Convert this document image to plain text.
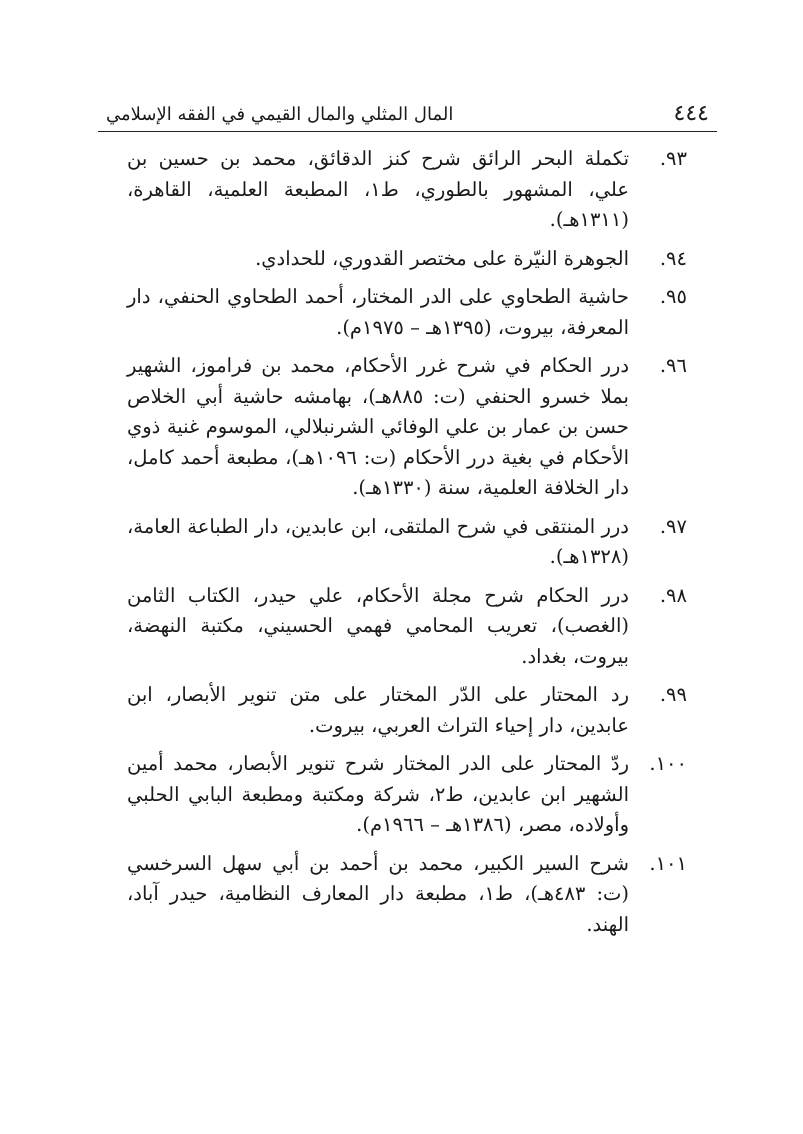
٤٤٤
المال المثلي والمال القيمي في الفقه الإسلامي
٩٣.
تكملة البحر الرائق شرح كنز الدقائق، محمد بن حسين بن علي، المشهور بالطوري، ط١، المطبعة العلمية، القاهرة، (١٣١١هـ).
٩٤.
الجوهرة النيّرة على مختصر القدوري، للحدادي.
٩٥.
حاشية الطحاوي على الدر المختار، أحمد الطحاوي الحنفي، دار المعرفة، بيروت، (١٣٩٥هـ – ١٩٧٥م).
٩٦.
درر الحكام في شرح غرر الأحكام، محمد بن فراموز، الشهير بملا خسرو الحنفي (ت: ٨٨٥هـ)، بهامشه حاشية أبي الخلاص حسن بن عمار بن علي الوفائي الشرنبلالي، الموسوم غنية ذوي الأحكام في بغية درر الأحكام (ت: ١٠٩٦هـ)، مطبعة أحمد كامل، دار الخلافة العلمية، سنة (١٣٣٠هـ).
٩٧.
درر المنتقى في شرح الملتقى، ابن عابدين، دار الطباعة العامة، (١٣٢٨هـ).
٩٨.
درر الحكام شرح مجلة الأحكام، علي حيدر، الكتاب الثامن (الغصب)، تعريب المحامي فهمي الحسيني، مكتبة النهضة، بيروت، بغداد.
٩٩.
رد المحتار على الدّر المختار على متن تنوير الأبصار، ابن عابدين، دار إحياء التراث العربي، بيروت.
١٠٠.
ردّ المحتار على الدر المختار شرح تنوير الأبصار، محمد أمين الشهير ابن عابدين، ط٢، شركة ومكتبة ومطبعة البابي الحلبي وأولاده، مصر، (١٣٨٦هـ – ١٩٦٦م).
١٠١.
شرح السير الكبير، محمد بن أحمد بن أبي سهل السرخسي (ت: ٤٨٣هـ)، ط١، مطبعة دار المعارف النظامية، حيدر آباد، الهند.
